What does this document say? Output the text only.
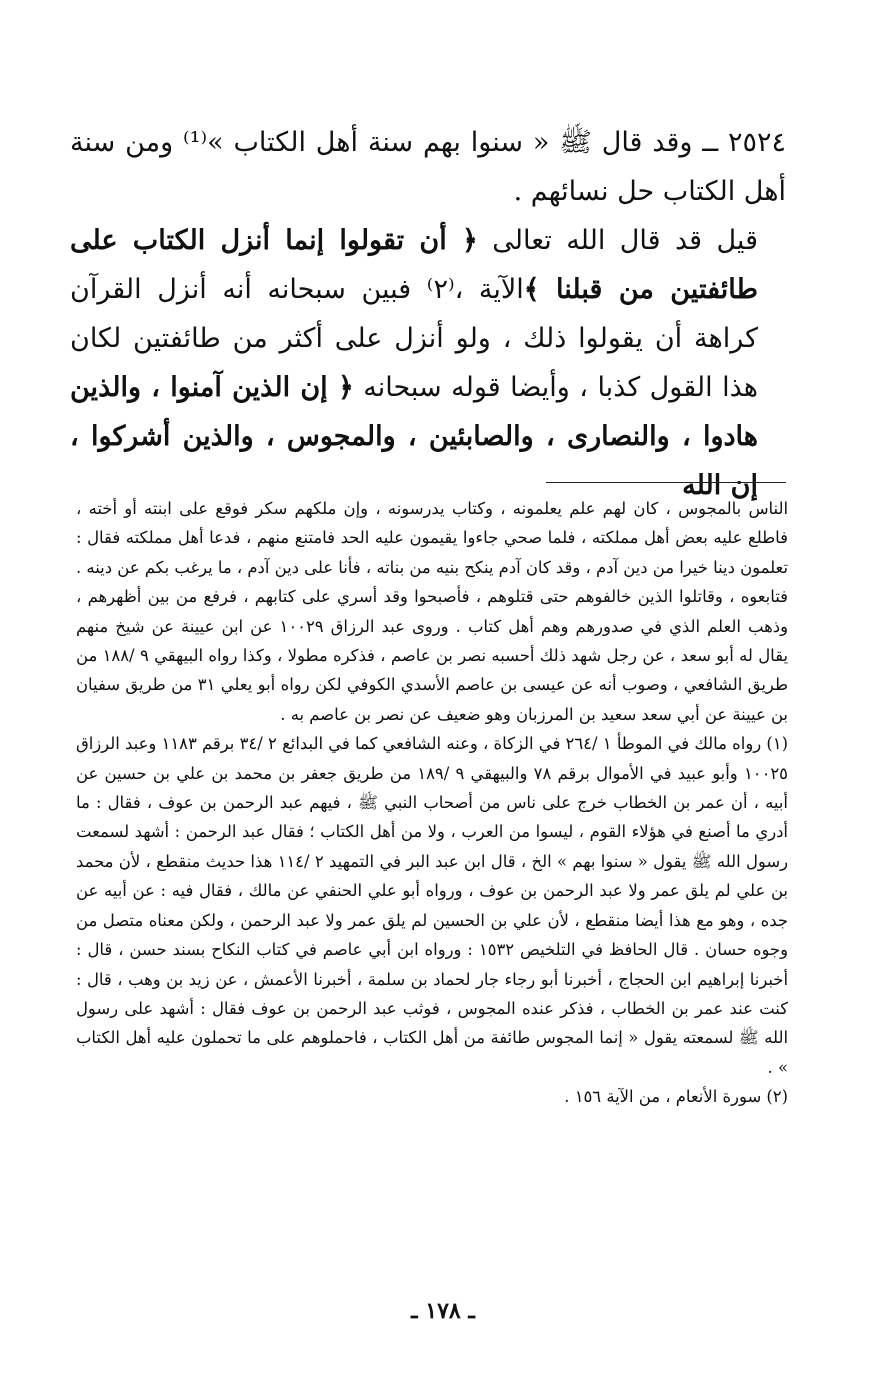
٢٥٢٤ ــ وقد قال ﷺ « سنوا بهم سنة أهل الكتاب »⁽¹⁾ ومن سنة أهل الكتاب حل نسائهم .

قيل قد قال الله تعالى ﴿ أن تقولوا إنما أنزل الكتاب على طائفتين من قبلنا ﴾الآية ،⁽٢⁾ فبين سبحانه أنه أنزل القرآن كراهة أن يقولوا ذلك ، ولو أنزل على أكثر من طائفتين لكان هذا القول كذبا ، وأيضا قوله سبحانه ﴿ إن الذين آمنوا ، والذين هادوا ، والنصارى ، والصابئين ، والمجوس ، والذين أشركوا ، إن الله

الناس بالمجوس ، كان لهم علم يعلمونه ، وكتاب يدرسونه ، وإن ملكهم سكر فوقع على ابنته أو أخته ، فاطلع عليه بعض أهل مملكته ، فلما صحي جاءوا يقيمون عليه الحد فامتنع منهم ، فدعا أهل مملكته فقال : تعلمون دينا خيرا من دين آدم ، وقد كان آدم ينكح بنيه من بناته ، فأنا على دين آدم ، ما يرغب بكم عن دينه . فتابعوه ، وقاتلوا الذين خالفوهم حتى قتلوهم ، فأصبحوا وقد أسري على كتابهم ، فرفع من بين أظهرهم ، وذهب العلم الذي في صدورهم وهم أهل كتاب . وروى عبد الرزاق ١٠٠٢٩ عن ابن عيينة عن شيخ منهم يقال له أبو سعد ، عن رجل شهد ذلك أحسبه نصر بن عاصم ، فذكره مطولا ، وكذا رواه البيهقي ٩ /١٨٨ من طريق الشافعي ، وصوب أنه عن عيسى بن عاصم الأسدي الكوفي لكن رواه أبو يعلي ٣١ من طريق سفيان بن عيينة عن أبي سعد سعيد بن المرزبان وهو ضعيف عن نصر بن عاصم به .

(١) رواه مالك في الموطأ ١ /٢٦٤ في الزكاة ، وعنه الشافعي كما في البدائع ٢ /٣٤ برقم ١١٨٣ وعبد الرزاق ١٠٠٢٥ وأبو عبيد في الأموال برقم ٧٨ والبيهقي ٩ /١٨٩ من طريق جعفر بن محمد بن علي بن حسين عن أبيه ، أن عمر بن الخطاب خرج على ناس من أصحاب النبي ﷺ ، فيهم عبد الرحمن بن عوف ، فقال : ما أدري ما أصنع في هؤلاء القوم ، ليسوا من العرب ، ولا من أهل الكتاب ؛ فقال عبد الرحمن : أشهد لسمعت رسول الله ﷺ يقول « سنوا بهم » الخ ، قال ابن عبد البر في التمهيد ٢ /١١٤ هذا حديث منقطع ، لأن محمد بن علي لم يلق عمر ولا عبد الرحمن بن عوف ، ورواه أبو علي الحنفي عن مالك ، فقال فيه : عن أبيه عن جده ، وهو مع هذا أيضا منقطع ، لأن علي بن الحسين لم يلق عمر ولا عبد الرحمن ، ولكن معناه متصل من وجوه حسان . قال الحافظ في التلخيص ١٥٣٢ : ورواه ابن أبي عاصم في كتاب النكاح بسند حسن ، قال : أخبرنا إبراهيم ابن الحجاج ، أخبرنا أبو رجاء جار لحماد بن سلمة ، أخبرنا الأعمش ، عن زيد بن وهب ، قال : كنت عند عمر بن الخطاب ، فذكر عنده المجوس ، فوثب عبد الرحمن بن عوف فقال : أشهد على رسول الله ﷺ لسمعته يقول « إنما المجوس طائفة من أهل الكتاب ، فاحملوهم على ما تحملون عليه أهل الكتاب » .

(٢) سورة الأنعام ، من الآية ١٥٦ .

ـ ١٧٨ ـ
